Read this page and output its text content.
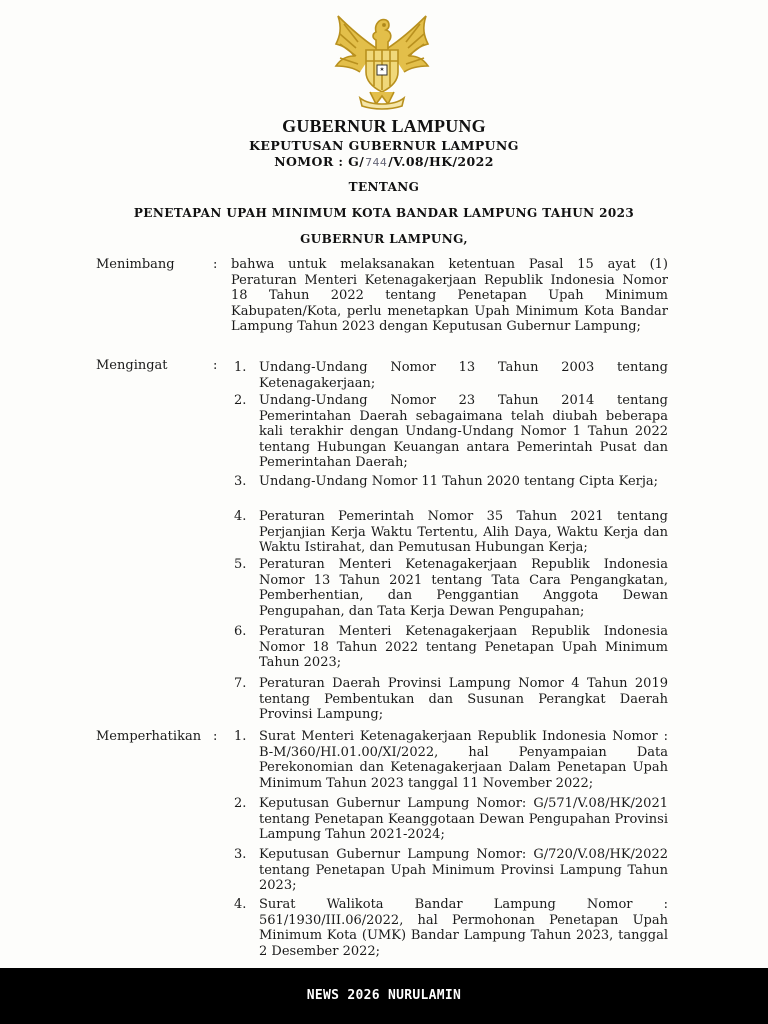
GUBERNUR LAMPUNG
KEPUTUSAN GUBERNUR LAMPUNG
NOMOR : G/744/V.08/HK/2022
TENTANG
PENETAPAN UPAH MINIMUM KOTA BANDAR LAMPUNG TAHUN 2023
GUBERNUR LAMPUNG,
Menimbang	: bahwa untuk melaksanakan ketentuan Pasal 15 ayat (1) Peraturan Menteri Ketenagakerjaan Republik Indonesia Nomor 18 Tahun 2022 tentang Penetapan Upah Minimum Kabupaten/Kota, perlu menetapkan Upah Minimum Kota Bandar Lampung Tahun 2023 dengan Keputusan Gubernur Lampung;

Mengingat	: 1. Undang-Undang Nomor 13 Tahun 2003 tentang Ketenagakerjaan;

2. Undang-Undang Nomor 23 Tahun 2014 tentang Pemerintahan Daerah sebagaimana telah diubah beberapa kali terakhir dengan Undang-Undang Nomor 1 Tahun 2022 tentang Hubungan Keuangan antara Pemerintah Pusat dan Pemerintahan Daerah;

3. Undang-Undang Nomor 11 Tahun 2020 tentang Cipta Kerja;

4. Peraturan Pemerintah Nomor 35 Tahun 2021 tentang Perjanjian Kerja Waktu Tertentu, Alih Daya, Waktu Kerja dan Waktu Istirahat, dan Pemutusan Hubungan Kerja;

5. Peraturan Menteri Ketenagakerjaan Republik Indonesia Nomor 13 Tahun 2021 tentang Tata Cara Pengangkatan, Pemberhentian, dan Penggantian Anggota Dewan Pengupahan, dan Tata Kerja Dewan Pengupahan;

6. Peraturan Menteri Ketenagakerjaan Republik Indonesia Nomor 18 Tahun 2022 tentang Penetapan Upah Minimum Tahun 2023;

7. Peraturan Daerah Provinsi Lampung Nomor 4 Tahun 2019 tentang Pembentukan dan Susunan Perangkat Daerah Provinsi Lampung;

Memperhatikan : 1. Surat Menteri Ketenagakerjaan Republik Indonesia Nomor : B-M/360/HI.01.00/XI/2022, hal Penyampaian Data Perekonomian dan Ketenagakerjaan Dalam Penetapan Upah Minimum Tahun 2023 tanggal 11 November 2022;

2. Keputusan Gubernur Lampung Nomor: G/571/V.08/HK/2021 tentang Penetapan Keanggotaan Dewan Pengupahan Provinsi Lampung Tahun 2021-2024;

3. Keputusan Gubernur Lampung Nomor: G/720/V.08/HK/2022 tentang Penetapan Upah Minimum Provinsi Lampung Tahun 2023;

4. Surat Walikota Bandar Lampung Nomor : 561/1930/III.06/2022, hal Permohonan Penetapan Upah Minimum Kota (UMK) Bandar Lampung Tahun 2023, tanggal 2 Desember 2022;

NEWS 2026 NURULAMIN
